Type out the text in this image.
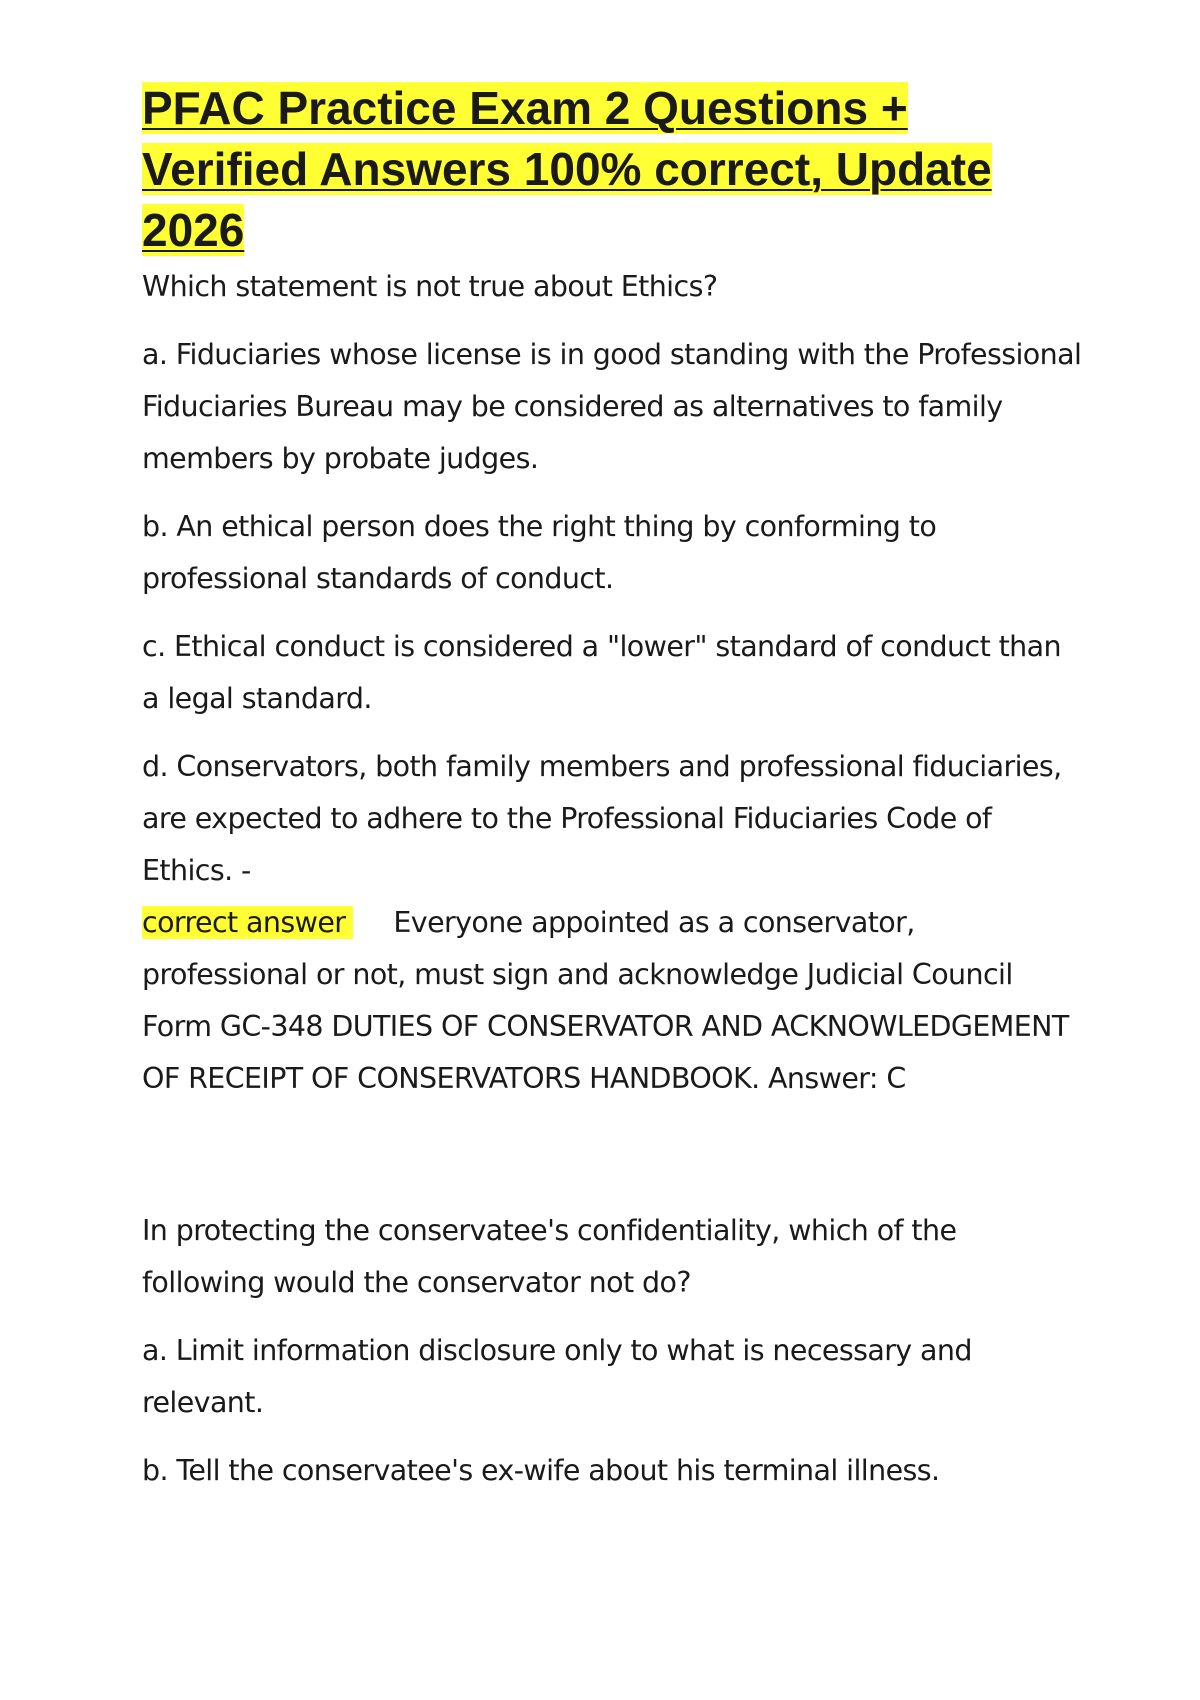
PFAC Practice Exam 2 Questions + Verified Answers 100% correct, Update 2026

Which statement is not true about Ethics?

a. Fiduciaries whose license is in good standing with the Professional Fiduciaries Bureau may be considered as alternatives to family members by probate judges.

b. An ethical person does the right thing by conforming to professional standards of conduct.

c. Ethical conduct is considered a "lower" standard of conduct than a legal standard.

d. Conservators, both family members and professional fiduciaries, are expected to adhere to the Professional Fiduciaries Code of Ethics. -

correct answer Everyone appointed as a conservator, professional or not, must sign and acknowledge Judicial Council Form GC-348 DUTIES OF CONSERVATOR AND ACKNOWLEDGEMENT OF RECEIPT OF CONSERVATORS HANDBOOK. Answer: C

In protecting the conservatee's confidentiality, which of the following would the conservator not do?

a. Limit information disclosure only to what is necessary and relevant.

b. Tell the conservatee's ex-wife about his terminal illness.
